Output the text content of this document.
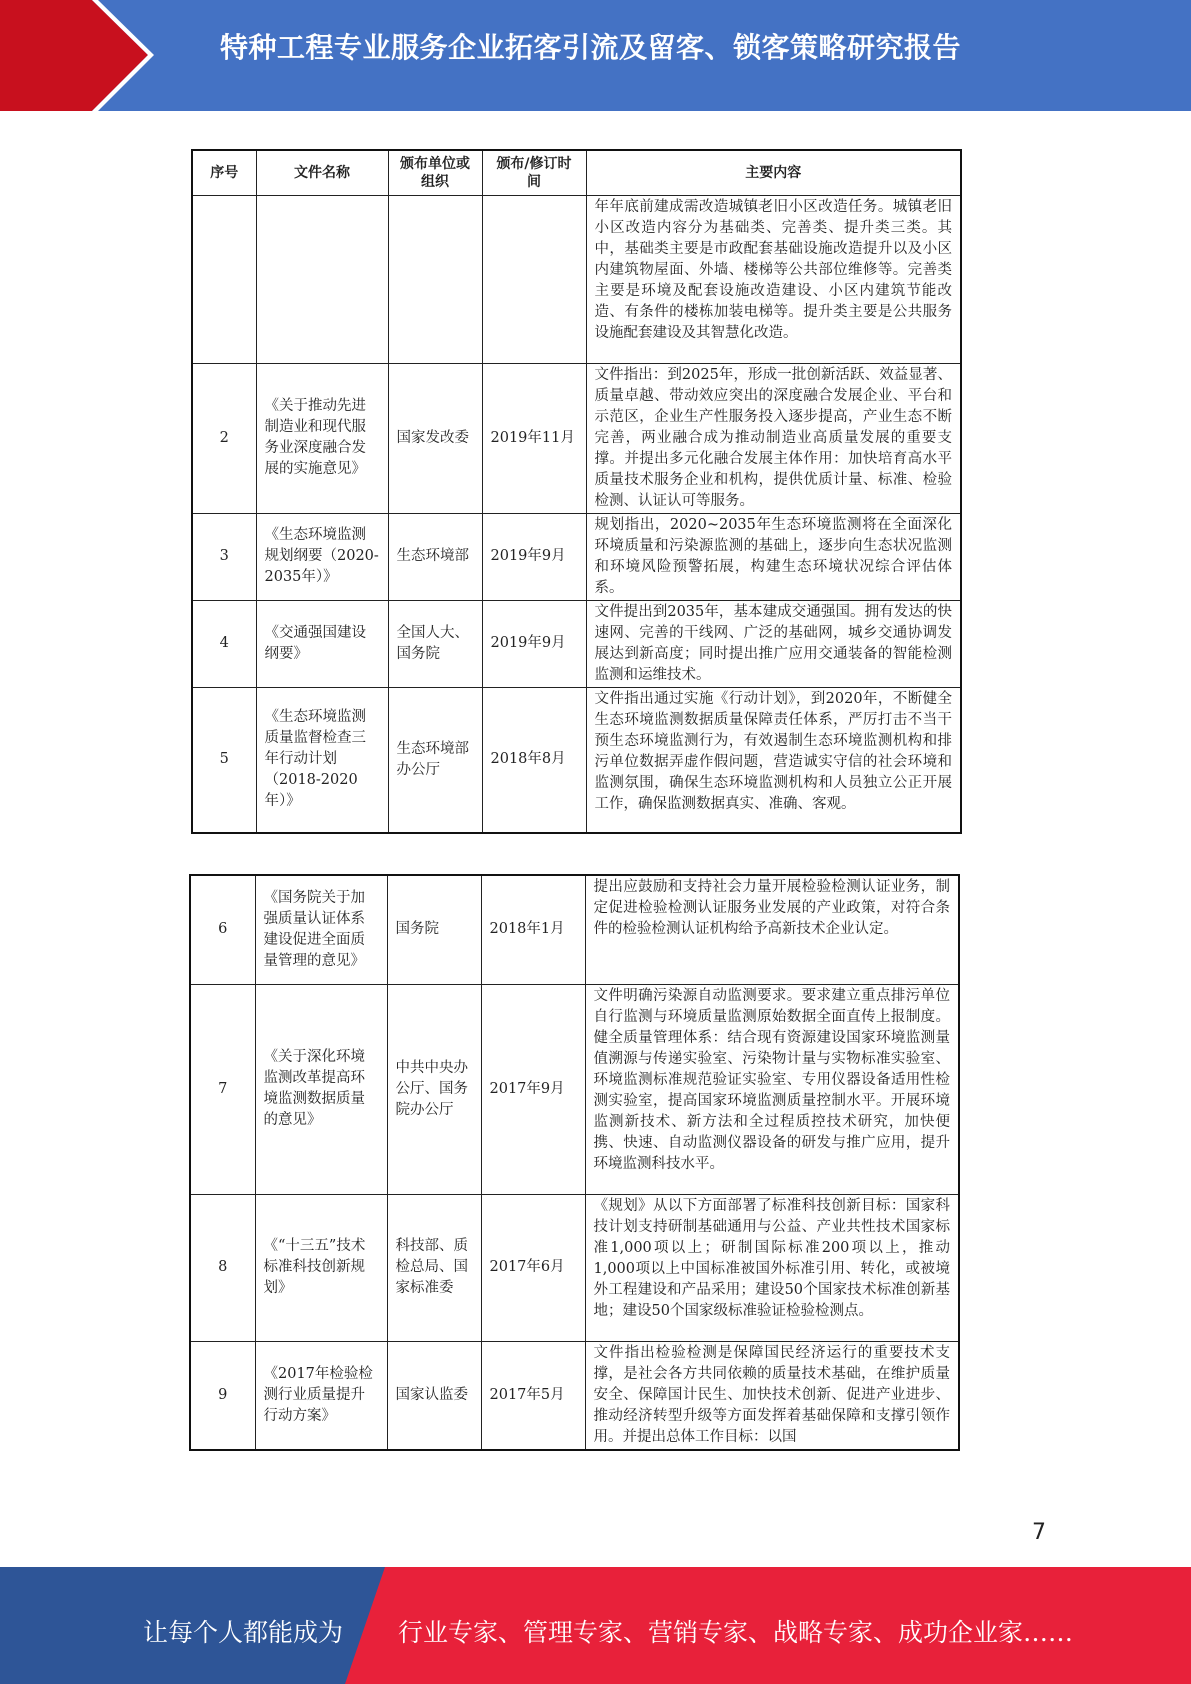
特种工程专业服务企业拓客引流及留客、锁客策略研究报告
序号	文件名称	颁布单位或组织	颁布/修订时间	主要内容
				年年底前建成需改造城镇老旧小区改造任务。城镇老旧小区改造内容分为基础类、完善类、提升类三类。其中，基础类主要是市政配套基础设施改造提升以及小区内建筑物屋面、外墙、楼梯等公共部位维修等。完善类主要是环境及配套设施改造建设、小区内建筑节能改造、有条件的楼栋加装电梯等。提升类主要是公共服务设施配套建设及其智慧化改造。
2	《关于推动先进制造业和现代服务业深度融合发展的实施意见》	国家发改委	2019年11月	文件指出：到2025年，形成一批创新活跃、效益显著、质量卓越、带动效应突出的深度融合发展企业、平台和示范区，企业生产性服务投入逐步提高，产业生态不断完善，两业融合成为推动制造业高质量发展的重要支撑。并提出多元化融合发展主体作用：加快培育高水平质量技术服务企业和机构，提供优质计量、标准、检验检测、认证认可等服务。
3	《生态环境监测规划纲要（2020-2035年）》	生态环境部	2019年9月	规划指出，2020~2035年生态环境监测将在全面深化环境质量和污染源监测的基础上，逐步向生态状况监测和环境风险预警拓展，构建生态环境状况综合评估体系。
4	《交通强国建设纲要》	全国人大、国务院	2019年9月	文件提出到2035年，基本建成交通强国。拥有发达的快速网、完善的干线网、广泛的基础网，城乡交通协调发展达到新高度；同时提出推广应用交通装备的智能检测监测和运维技术。
5	《生态环境监测质量监督检查三年行动计划（2018-2020年）》	生态环境部办公厅	2018年8月	文件指出通过实施《行动计划》，到2020年，不断健全生态环境监测数据质量保障责任体系，严厉打击不当干预生态环境监测行为，有效遏制生态环境监测机构和排污单位数据弄虚作假问题，营造诚实守信的社会环境和监测氛围，确保生态环境监测机构和人员独立公正开展工作，确保监测数据真实、准确、客观。
6	《国务院关于加强质量认证体系建设促进全面质量管理的意见》	国务院	2018年1月	提出应鼓励和支持社会力量开展检验检测认证业务，制定促进检验检测认证服务业发展的产业政策，对符合条件的检验检测认证机构给予高新技术企业认定。
7	《关于深化环境监测改革提高环境监测数据质量的意见》	中共中央办公厅、国务院办公厅	2017年9月	文件明确污染源自动监测要求。要求建立重点排污单位自行监测与环境质量监测原始数据全面直传上报制度。健全质量管理体系：结合现有资源建设国家环境监测量值溯源与传递实验室、污染物计量与实物标准实验室、环境监测标准规范验证实验室、专用仪器设备适用性检测实验室，提高国家环境监测质量控制水平。开展环境监测新技术、新方法和全过程质控技术研究，加快便携、快速、自动监测仪器设备的研发与推广应用，提升环境监测科技水平。
8	《“十三五”技术标准科技创新规划》	科技部、质检总局、国家标准委	2017年6月	《规划》从以下方面部署了标准科技创新目标：国家科技计划支持研制基础通用与公益、产业共性技术国家标准1,000项以上；研制国际标准200项以上，推动1,000项以上中国标准被国外标准引用、转化，或被境外工程建设和产品采用；建设50个国家技术标准创新基地；建设50个国家级标准验证检验检测点。
9	《2017年检验检测行业质量提升行动方案》	国家认监委	2017年5月	文件指出检验检测是保障国民经济运行的重要技术支撑，是社会各方共同依赖的质量技术基础，在维护质量安全、保障国计民生、加快技术创新、促进产业进步、推动经济转型升级等方面发挥着基础保障和支撑引领作用。并提出总体工作目标：以国
7
让每个人都能成为 行业专家、管理专家、营销专家、战略专家、成功企业家……
